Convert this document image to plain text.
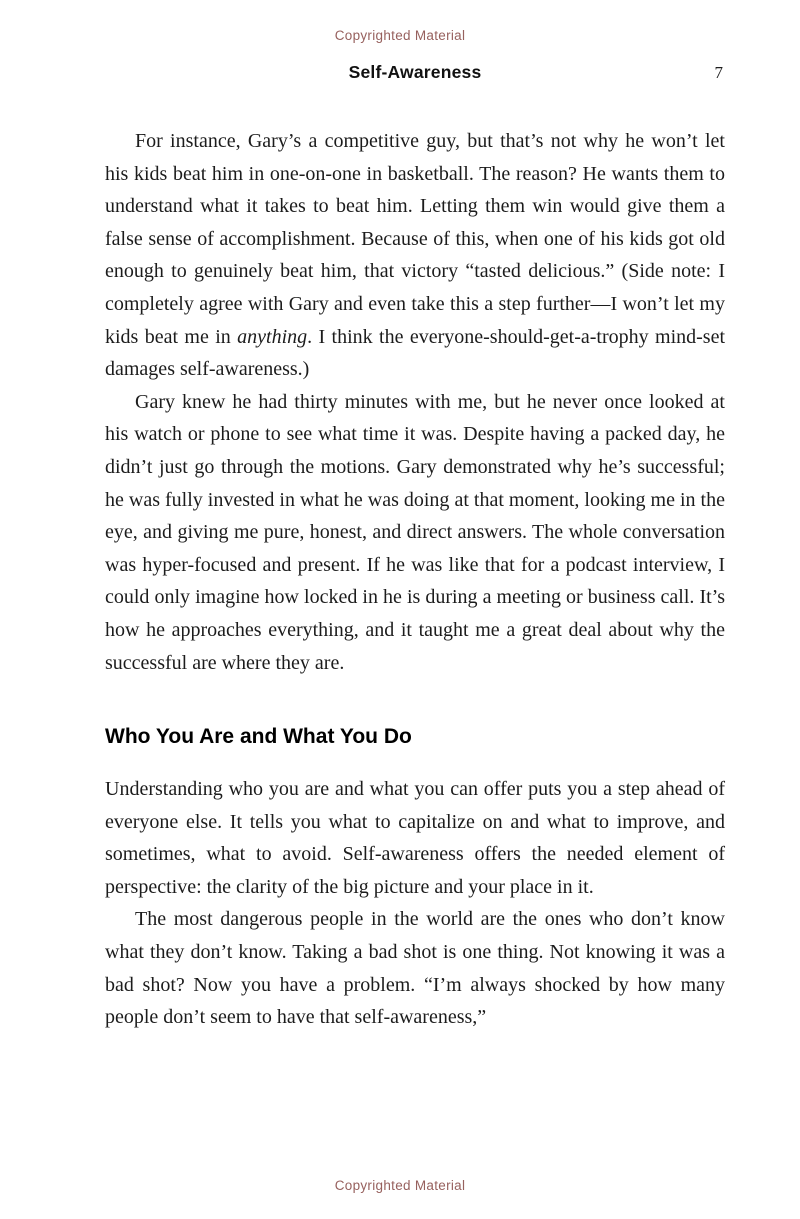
Copyrighted Material
Self-Awareness	7

For instance, Gary’s a competitive guy, but that’s not why he won’t let his kids beat him in one-on-one in basketball. The reason? He wants them to understand what it takes to beat him. Letting them win would give them a false sense of accomplishment. Because of this, when one of his kids got old enough to genuinely beat him, that victory “tasted delicious.” (Side note: I completely agree with Gary and even take this a step further—I won’t let my kids beat me in anything. I think the everyone-should-get-a-trophy mind-set damages self-awareness.)

Gary knew he had thirty minutes with me, but he never once looked at his watch or phone to see what time it was. Despite having a packed day, he didn’t just go through the motions. Gary demonstrated why he’s successful; he was fully invested in what he was doing at that moment, looking me in the eye, and giving me pure, honest, and direct answers. The whole conversation was hyper-focused and present. If he was like that for a podcast interview, I could only imagine how locked in he is during a meeting or business call. It’s how he approaches everything, and it taught me a great deal about why the successful are where they are.

Who You Are and What You Do

Understanding who you are and what you can offer puts you a step ahead of everyone else. It tells you what to capitalize on and what to improve, and sometimes, what to avoid. Self-awareness offers the needed element of perspective: the clarity of the big picture and your place in it.

The most dangerous people in the world are the ones who don’t know what they don’t know. Taking a bad shot is one thing. Not knowing it was a bad shot? Now you have a problem. “I’m always shocked by how many people don’t seem to have that self-awareness,”

Copyrighted Material
